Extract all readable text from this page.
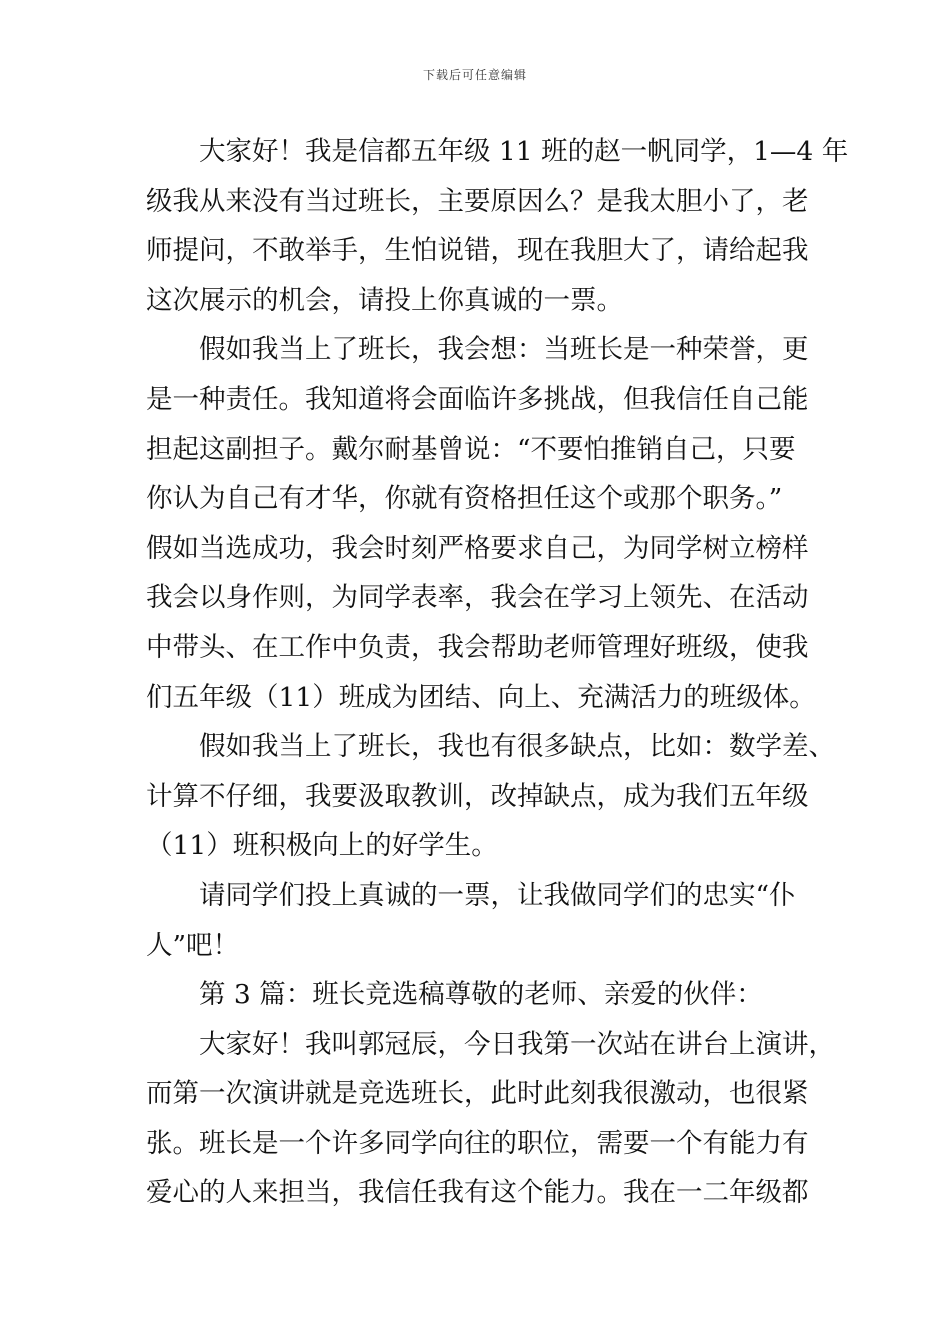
下载后可任意编辑
大家好！我是信都五年级 11 班的赵一帆同学，1—4 年
级我从来没有当过班长，主要原因么？是我太胆小了，老
师提问，不敢举手，生怕说错，现在我胆大了，请给起我
这次展示的机会，请投上你真诚的一票。
假如我当上了班长，我会想：当班长是一种荣誉，更
是一种责任。我知道将会面临许多挑战，但我信任自己能
担起这副担子。戴尔耐基曾说：“不要怕推销自己，只要
你认为自己有才华，你就有资格担任这个或那个职务。”
假如当选成功，我会时刻严格要求自己，为同学树立榜样
我会以身作则，为同学表率，我会在学习上领先、在活动
中带头、在工作中负责，我会帮助老师管理好班级，使我
们五年级（11）班成为团结、向上、充满活力的班级体。
假如我当上了班长，我也有很多缺点，比如：数学差、
计算不仔细，我要汲取教训，改掉缺点，成为我们五年级
（11）班积极向上的好学生。
请同学们投上真诚的一票，让我做同学们的忠实“仆
人”吧！
第 3 篇：班长竞选稿尊敬的老师、亲爱的伙伴：
大家好！我叫郭冠辰，今日我第一次站在讲台上演讲，
而第一次演讲就是竞选班长，此时此刻我很激动，也很紧
张。班长是一个许多同学向往的职位，需要一个有能力有
爱心的人来担当，我信任我有这个能力。我在一二年级都
